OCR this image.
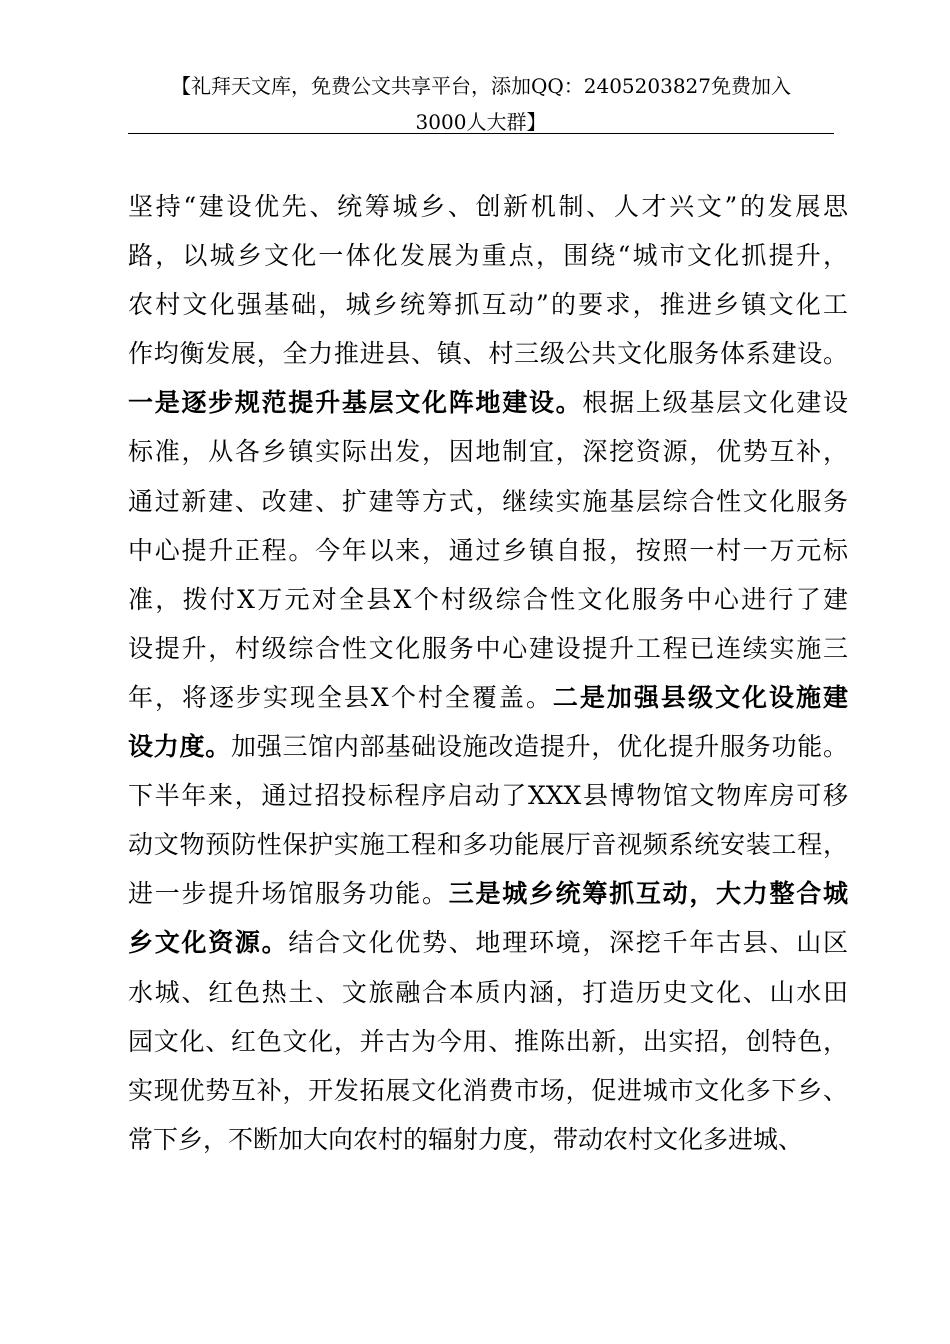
【礼拜天文库，免费公文共享平台，添加QQ：2405203827免费加入
3000人大群】
坚持“建设优先、统筹城乡、创新机制、人才兴文”的发展思
路，以城乡文化一体化发展为重点，围绕“城市文化抓提升，
农村文化强基础，城乡统筹抓互动”的要求，推进乡镇文化工
作均衡发展，全力推进县、镇、村三级公共文化服务体系建设。
一是逐步规范提升基层文化阵地建设。根据上级基层文化建设
标准，从各乡镇实际出发，因地制宜，深挖资源，优势互补，
通过新建、改建、扩建等方式，继续实施基层综合性文化服务
中心提升正程。今年以来，通过乡镇自报，按照一村一万元标
准，拨付X万元对全县X个村级综合性文化服务中心进行了建
设提升，村级综合性文化服务中心建设提升工程已连续实施三
年，将逐步实现全县X个村全覆盖。二是加强县级文化设施建
设力度。加强三馆内部基础设施改造提升，优化提升服务功能。
下半年来，通过招投标程序启动了XXX县博物馆文物库房可移
动文物预防性保护实施工程和多功能展厅音视频系统安装工程，
进一步提升场馆服务功能。三是城乡统筹抓互动，大力整合城
乡文化资源。结合文化优势、地理环境，深挖千年古县、山区
水城、红色热土、文旅融合本质内涵，打造历史文化、山水田
园文化、红色文化，并古为今用、推陈出新，出实招，创特色，
实现优势互补，开发拓展文化消费市场，促进城市文化多下乡、
常下乡，不断加大向农村的辐射力度，带动农村文化多进城、
